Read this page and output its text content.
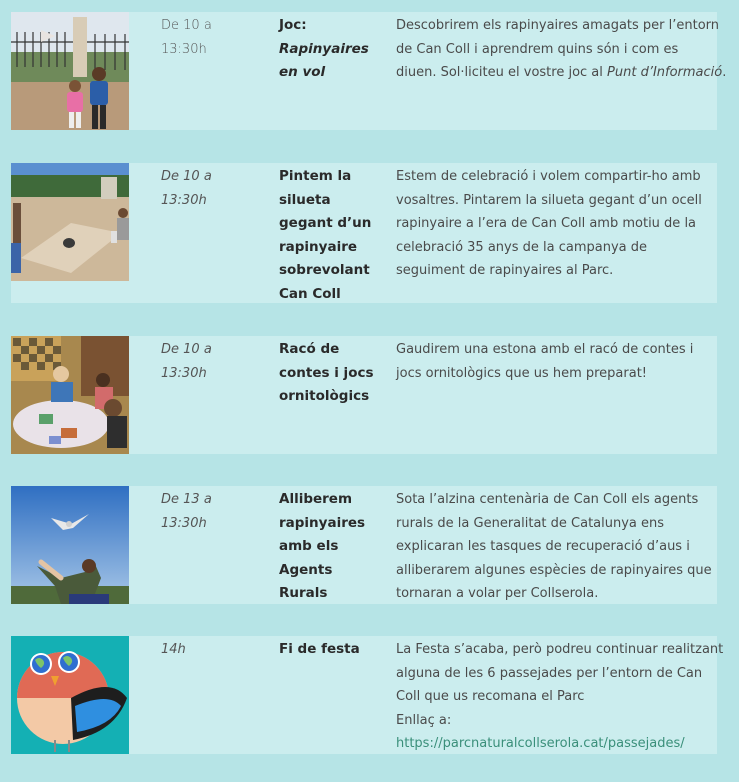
De 10 a
13:30h
Joc:
Rapinyaires
en vol
Descobrirem els rapinyaires amagats per l’entorn
de Can Coll i aprendrem quins són i com es
diuen. Sol·liciteu el vostre joc al Punt d’Informació.
De 10 a
13:30h
Pintem la
silueta
gegant d’un
rapinyaire
sobrevolant
Can Coll
Estem de celebració i volem compartir-ho amb
vosaltres. Pintarem la silueta gegant d’un ocell
rapinyaire a l’era de Can Coll amb motiu de la
celebració 35 anys de la campanya de
seguiment de rapinyaires al Parc.
De 10 a
13:30h
Racó de
contes i jocs
ornitològics
Gaudirem una estona amb el racó de contes i
jocs ornitològics que us hem preparat!
De 13 a
13:30h
Alliberem
rapinyaires
amb els
Agents
Rurals
Sota l’alzina centenària de Can Coll els agents
rurals de la Generalitat de Catalunya ens
explicaran les tasques de recuperació d’aus i
alliberarem algunes espècies de rapinyaires que
tornaran a volar per Collserola.
14h	Fi de festa	La Festa s’acaba, però podreu continuar realitzant
alguna de les 6 passejades per l’entorn de Can
Coll que us recomana el Parc
Enllaç a:
https://parcnaturalcollserola.cat/passejades/
